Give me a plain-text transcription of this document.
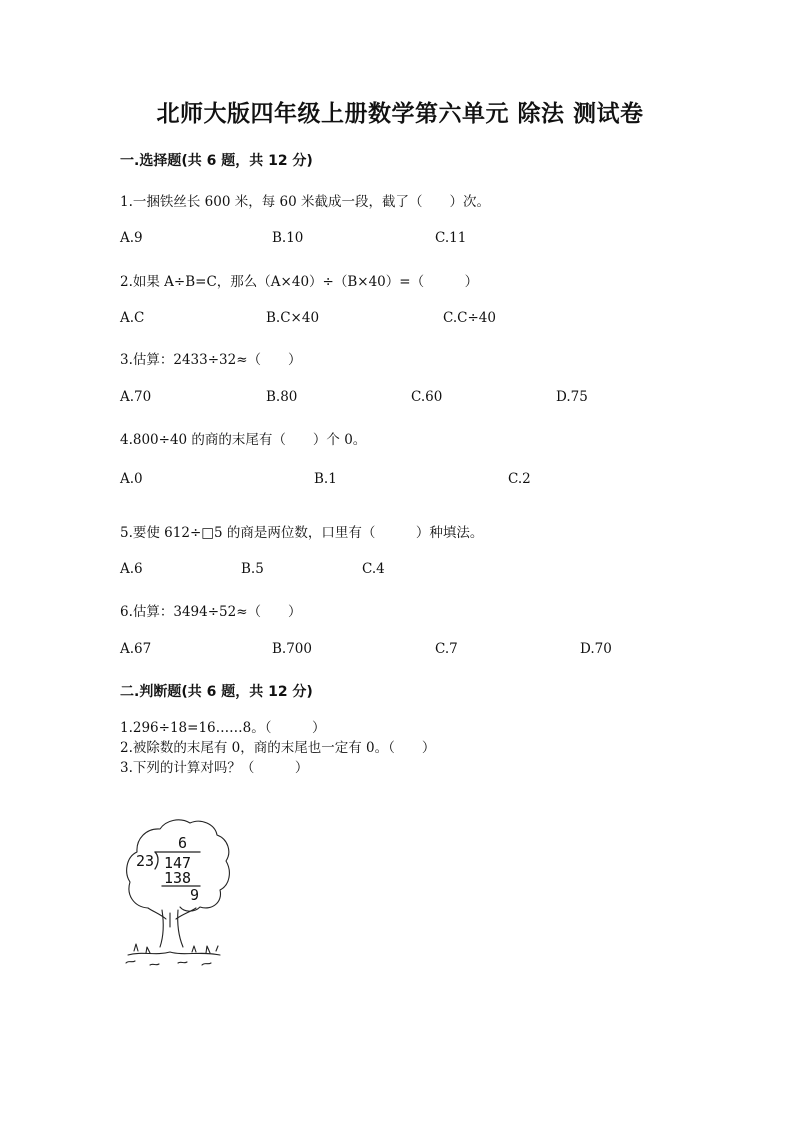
北师大版四年级上册数学第六单元 除法 测试卷
一.选择题(共 6 题，共 12 分)
1.一捆铁丝长 600 米，每 60 米截成一段，截了（　　）次。
A.9	B.10	C.11
2.如果 A÷B=C，那么（A×40）÷（B×40）=（　　　）
A.C	B.C×40	C.C÷40
3.估算：2433÷32≈（　　）
A.70	B.80	C.60	D.75
4.800÷40 的商的末尾有（　　）个 0。
A.0	B.1	C.2
5.要使 612÷□5 的商是两位数，口里有（　　　）种填法。
A.6	B.5	C.4
6.估算：3494÷52≈（　　）
A.67	B.700	C.7	D.70
二.判断题(共 6 题，共 12 分)
1.296÷18=16……8。（　　　）
2.被除数的末尾有 0，商的末尾也一定有 0。（　　）
3.下列的计算对吗？（　　　）
6
23 147
138
9
